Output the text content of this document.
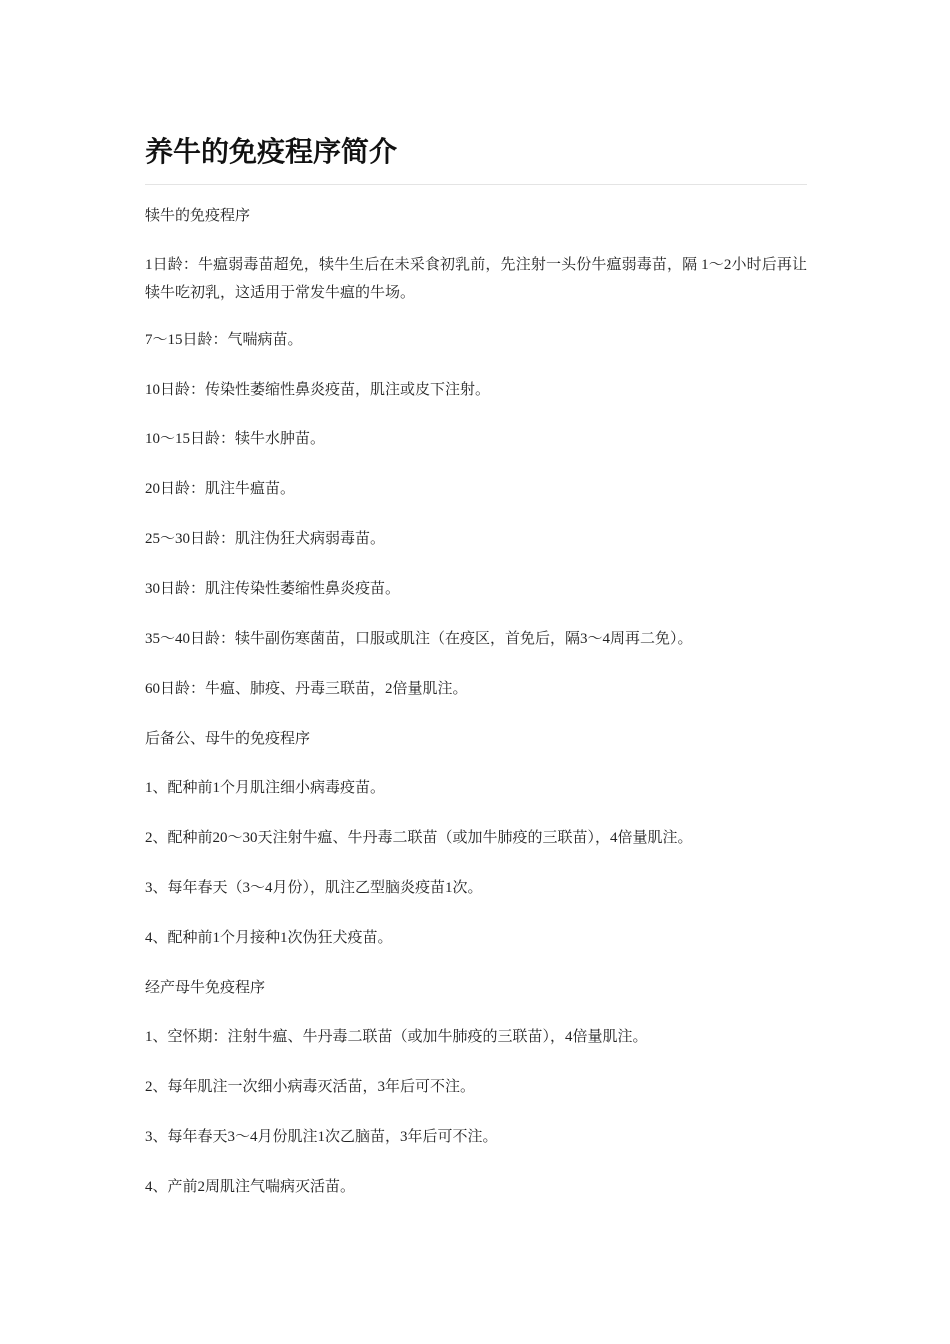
养牛的免疫程序简介

犊牛的免疫程序

1日龄：牛瘟弱毒苗超免，犊牛生后在未采食初乳前，先注射一头份牛瘟弱毒苗，隔 1～2小时后再让犊牛吃初乳，这适用于常发牛瘟的牛场。

7～15日龄：气喘病苗。

10日龄：传染性萎缩性鼻炎疫苗，肌注或皮下注射。

10～15日龄：犊牛水肿苗。

20日龄：肌注牛瘟苗。

25～30日龄：肌注伪狂犬病弱毒苗。

30日龄：肌注传染性萎缩性鼻炎疫苗。

35～40日龄：犊牛副伤寒菌苗，口服或肌注（在疫区，首免后，隔3～4周再二免）。

60日龄：牛瘟、肺疫、丹毒三联苗，2倍量肌注。

后备公、母牛的免疫程序

1、配种前1个月肌注细小病毒疫苗。

2、配种前20～30天注射牛瘟、牛丹毒二联苗（或加牛肺疫的三联苗），4倍量肌注。

3、每年春天（3～4月份），肌注乙型脑炎疫苗1次。

4、配种前1个月接种1次伪狂犬疫苗。

经产母牛免疫程序

1、空怀期：注射牛瘟、牛丹毒二联苗（或加牛肺疫的三联苗），4倍量肌注。

2、每年肌注一次细小病毒灭活苗，3年后可不注。

3、每年春天3～4月份肌注1次乙脑苗，3年后可不注。

4、产前2周肌注气喘病灭活苗。
